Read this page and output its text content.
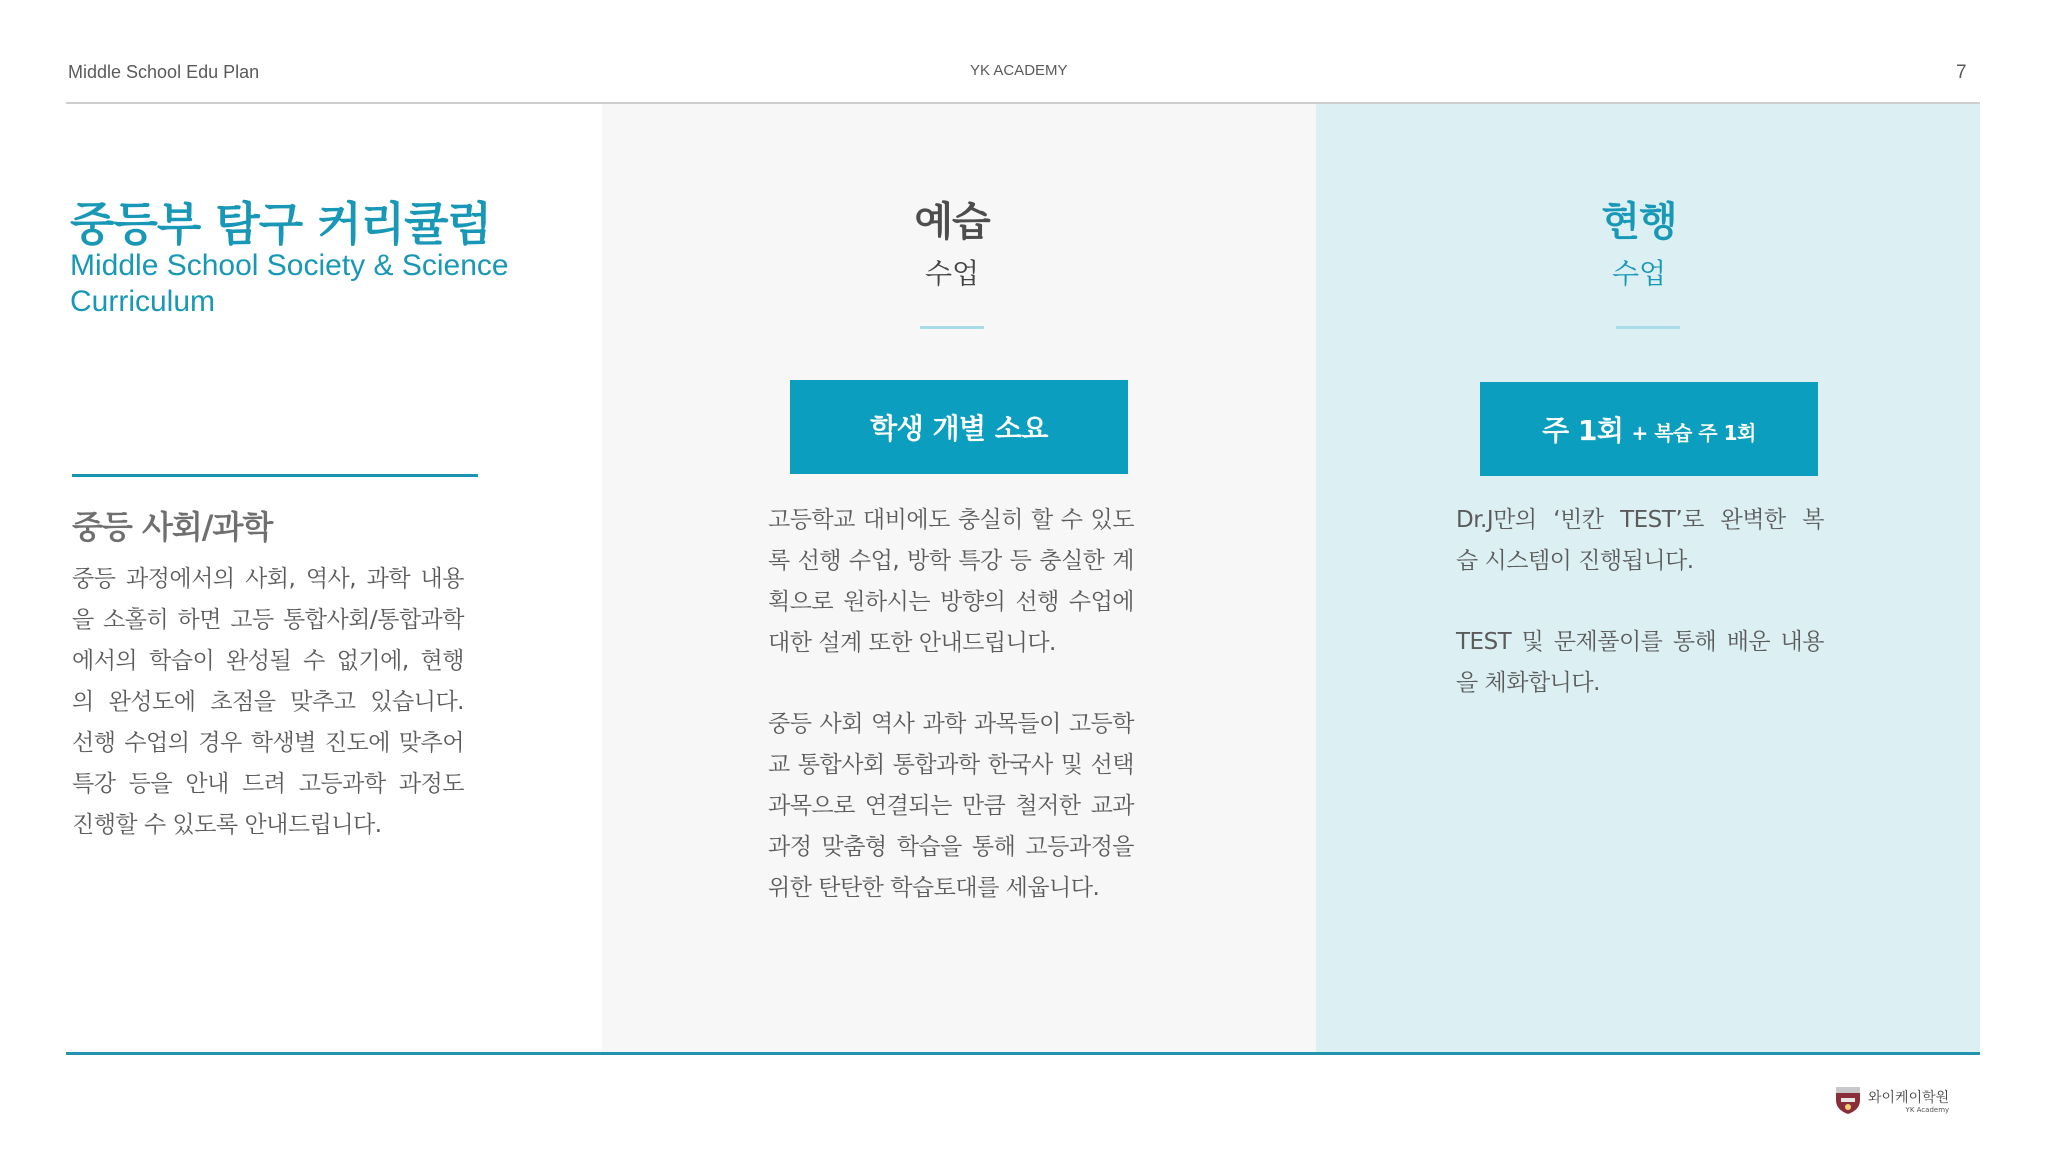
Middle School Edu Plan	YK ACADEMY	7
중등부 탐구 커리큘럼
Middle School Society & Science Curriculum
중등 사회/과학
중등 과정에서의 사회, 역사, 과학 내용
을 소홀히 하면 고등 통합사회/통합과학
에서의 학습이 완성될 수 없기에, 현행
의 완성도에 초점을 맞추고 있습니다.
선행 수업의 경우 학생별 진도에 맞추어
특강 등을 안내 드려 고등과학 과정도
진행할 수 있도록 안내드립니다.
예습
수업
학생 개별 소요
고등학교 대비에도 충실히 할 수 있도
록 선행 수업, 방학 특강 등 충실한 계
획으로 원하시는 방향의 선행 수업에
대한 설계 또한 안내드립니다.
중등 사회 역사 과학 과목들이 고등학
교 통합사회 통합과학 한국사 및 선택
과목으로 연결되는 만큼 철저한 교과
과정 맞춤형 학습을 통해 고등과정을
위한 탄탄한 학습토대를 세웁니다.
현행
수업
주 1회 + 복습 주 1회
Dr.J만의 ‘빈칸 TEST’로 완벽한 복
습 시스템이 진행됩니다.
TEST 및 문제풀이를 통해 배운 내용
을 체화합니다.
와이케이학원
YK Academy
